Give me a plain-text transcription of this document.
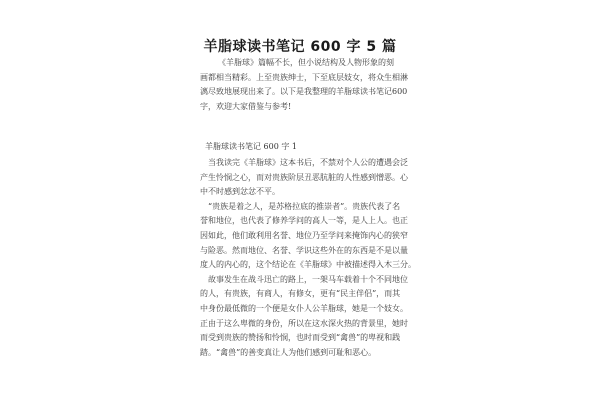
羊脂球读书笔记 600 字 5 篇
《羊脂球》篇幅不长，但小说结构及人物形象的刻
画都相当精彩。上至贵族绅士，下至底层妓女，将众生相淋
漓尽致地展现出来了。以下是我整理的羊脂球读书笔记600
字，欢迎大家借鉴与参考!
羊脂球读书笔记 600 字 1
当我读完《羊脂球》这本书后，不禁对个人公的遭遇会泛
产生怜悯之心，而对贵族阶层丑恶肮脏的人性感到憎恶。心
中不时感到忿忿不平。
“贵族是着之人，是苏格拉底的推崇者”。贵族代表了名
誉和地位，也代表了修养学问的高人一等，是人上人。也正
因如此，他们敢利用名誉、地位乃至学问来掩饰内心的狭窄
与险恶。然而地位、名誉、学识这些外在的东西是不是以量
度人的内心的，这个结论在《羊脂球》中被描述得入木三分。
故事发生在战斗迅亡的路上，一架马车载着十个不同地位
的人，有贵族，有商人，有修女，更有“民主伴侣”，而其
中身份最低微的一个便是女仆人公羊脂球，她是一个妓女。
正由于这么卑微的身份，所以在这水深火热的背景里，她时
而受到贵族的赞扬和怜悯，也时而受到“禽兽”的卑视和践
踏。“禽兽”的善变真让人为他们感到可耻和恶心。
